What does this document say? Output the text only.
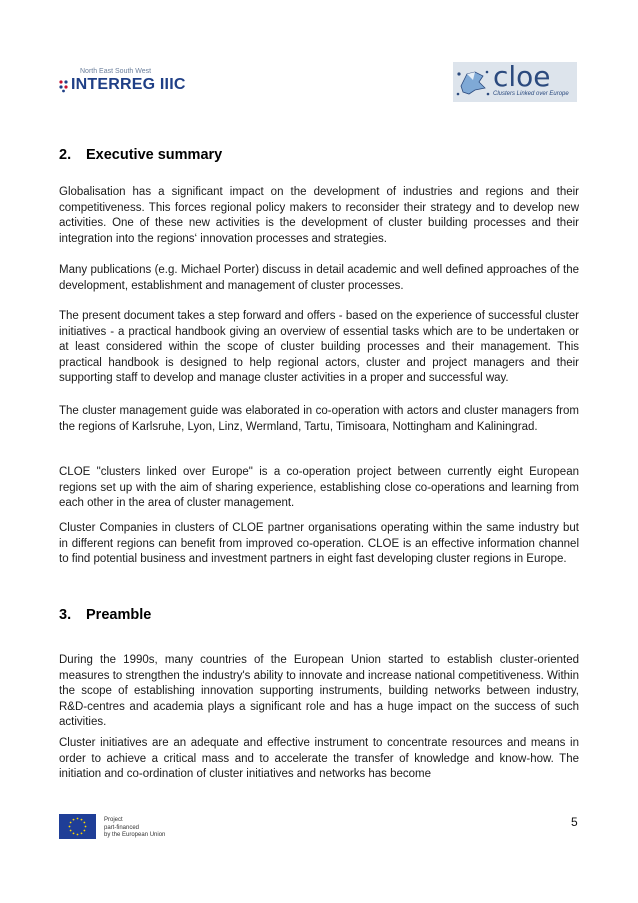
North East South West
INTERREG IIIC	cloe
Clusters Linked over Europe
2. Executive summary

Globalisation has a significant impact on the development of industries and regions and their competitiveness. This forces regional policy makers to reconsider their strategy and to develop new activities. One of these new activities is the development of cluster building processes and their integration into the regions‘ innovation processes and strategies.

Many publications (e.g. Michael Porter) discuss in detail academic and well defined approaches of the development, establishment and management of cluster processes.

The present document takes a step forward and offers - based on the experience of successful cluster initiatives - a practical handbook giving an overview of essential tasks which are to be undertaken or at least considered within the scope of cluster building processes and their management. This practical handbook is designed to help regional actors, cluster and project managers and their supporting staff to develop and manage cluster activities in a proper and successful way.

The cluster management guide was elaborated in co-operation with actors and cluster managers from the regions of Karlsruhe, Lyon, Linz, Wermland, Tartu, Timisoara, Nottingham and Kaliningrad.

CLOE "clusters linked over Europe" is a co-operation project between currently eight European regions set up with the aim of sharing experience, establishing close co-operations and learning from each other in the area of cluster management.

Cluster Companies in clusters of CLOE partner organisations operating within the same industry but in different regions can benefit from improved co-operation. CLOE is an effective information channel to find potential business and investment partners in eight fast developing cluster regions in Europe.

3. Preamble

During the 1990s, many countries of the European Union started to establish cluster-oriented measures to strengthen the industry's ability to innovate and increase national competitiveness. Within the scope of establishing innovation supporting instruments, building networks between industry, R&D-centres and academia plays a significant role and has a huge impact on the success of such activities.

Cluster initiatives are an adequate and effective instrument to concentrate resources and means in order to achieve a critical mass and to accelerate the transfer of knowledge and know-how. The initiation and co-ordination of cluster initiatives and networks has become

Project
part-financed
by the European Union
5
